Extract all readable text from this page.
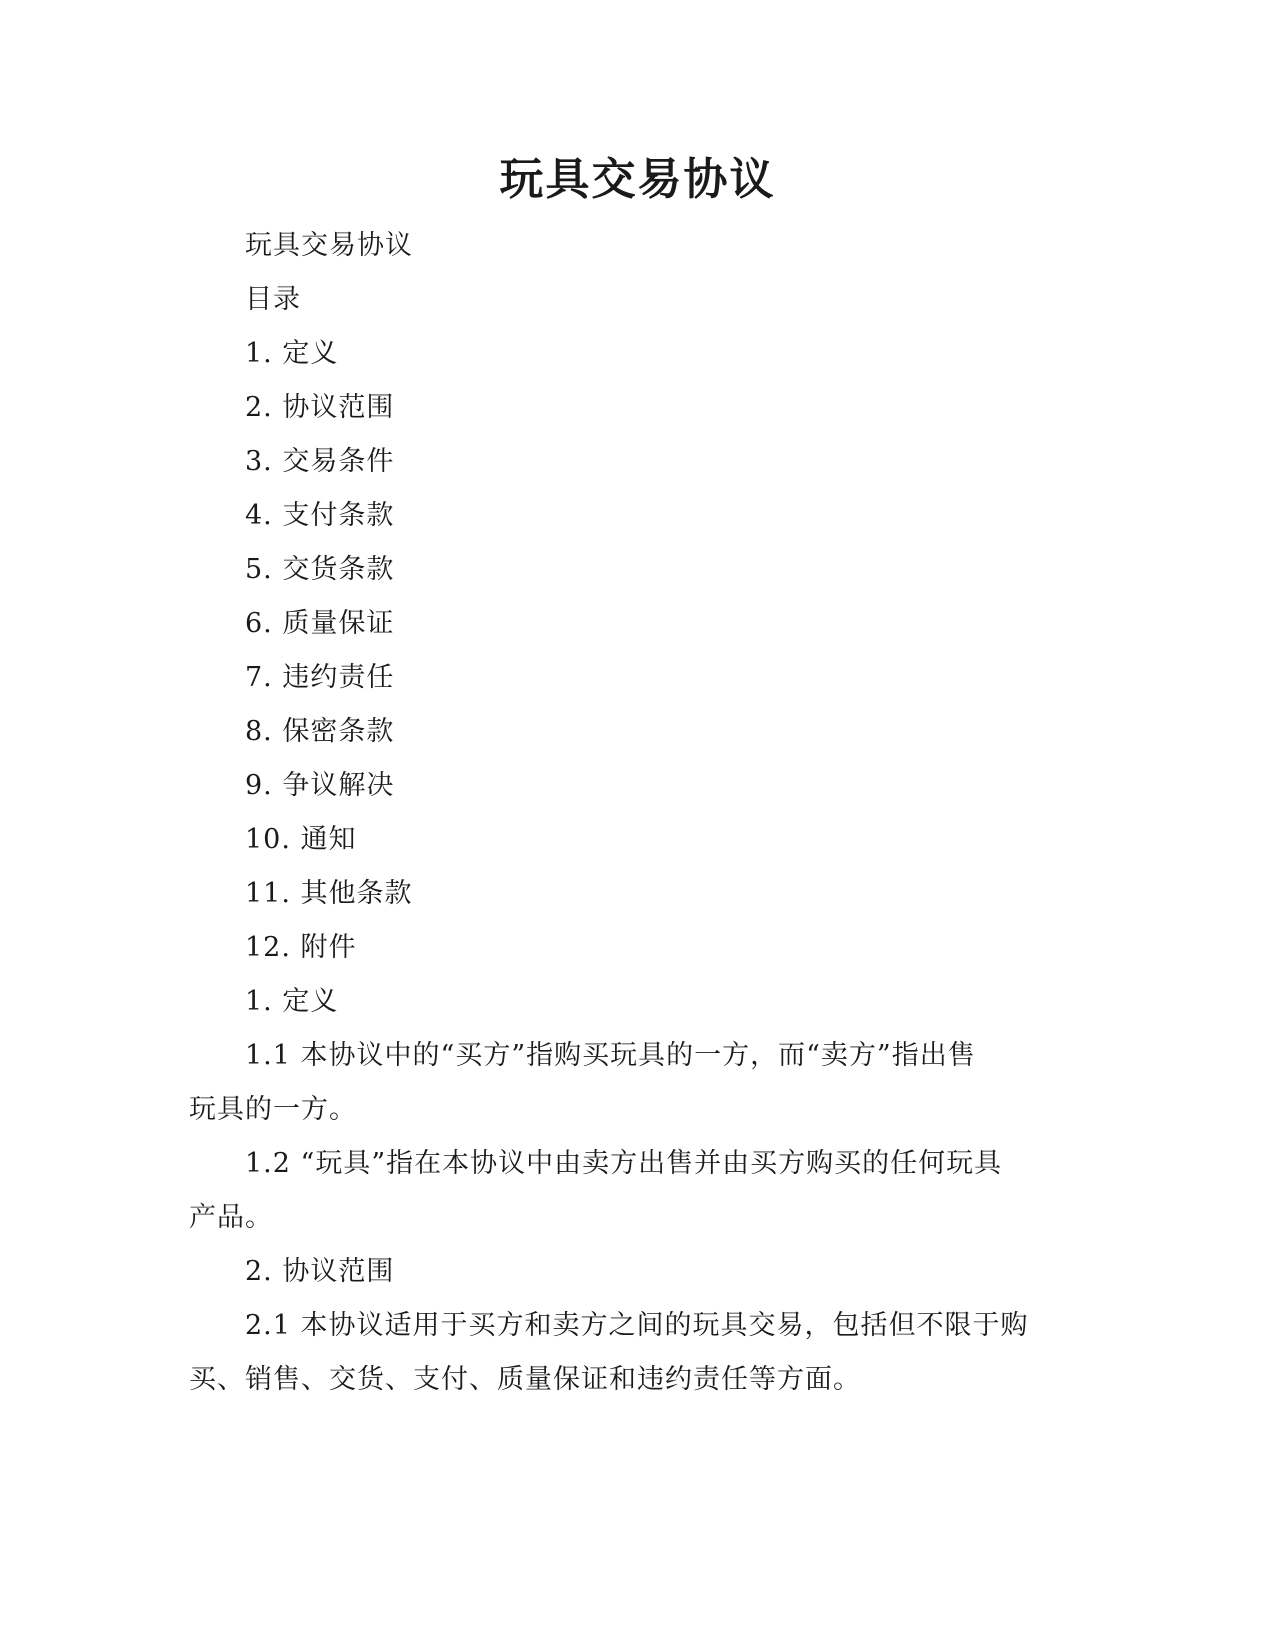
玩具交易协议
玩具交易协议
目录
1. 定义
2. 协议范围
3. 交易条件
4. 支付条款
5. 交货条款
6. 质量保证
7. 违约责任
8. 保密条款
9. 争议解决
10. 通知
11. 其他条款
12. 附件
1. 定义
1.1 本协议中的“买方”指购买玩具的一方，而“卖方”指出售
玩具的一方。
1.2 “玩具”指在本协议中由卖方出售并由买方购买的任何玩具
产品。
2. 协议范围
2.1 本协议适用于买方和卖方之间的玩具交易，包括但不限于购
买、销售、交货、支付、质量保证和违约责任等方面。
